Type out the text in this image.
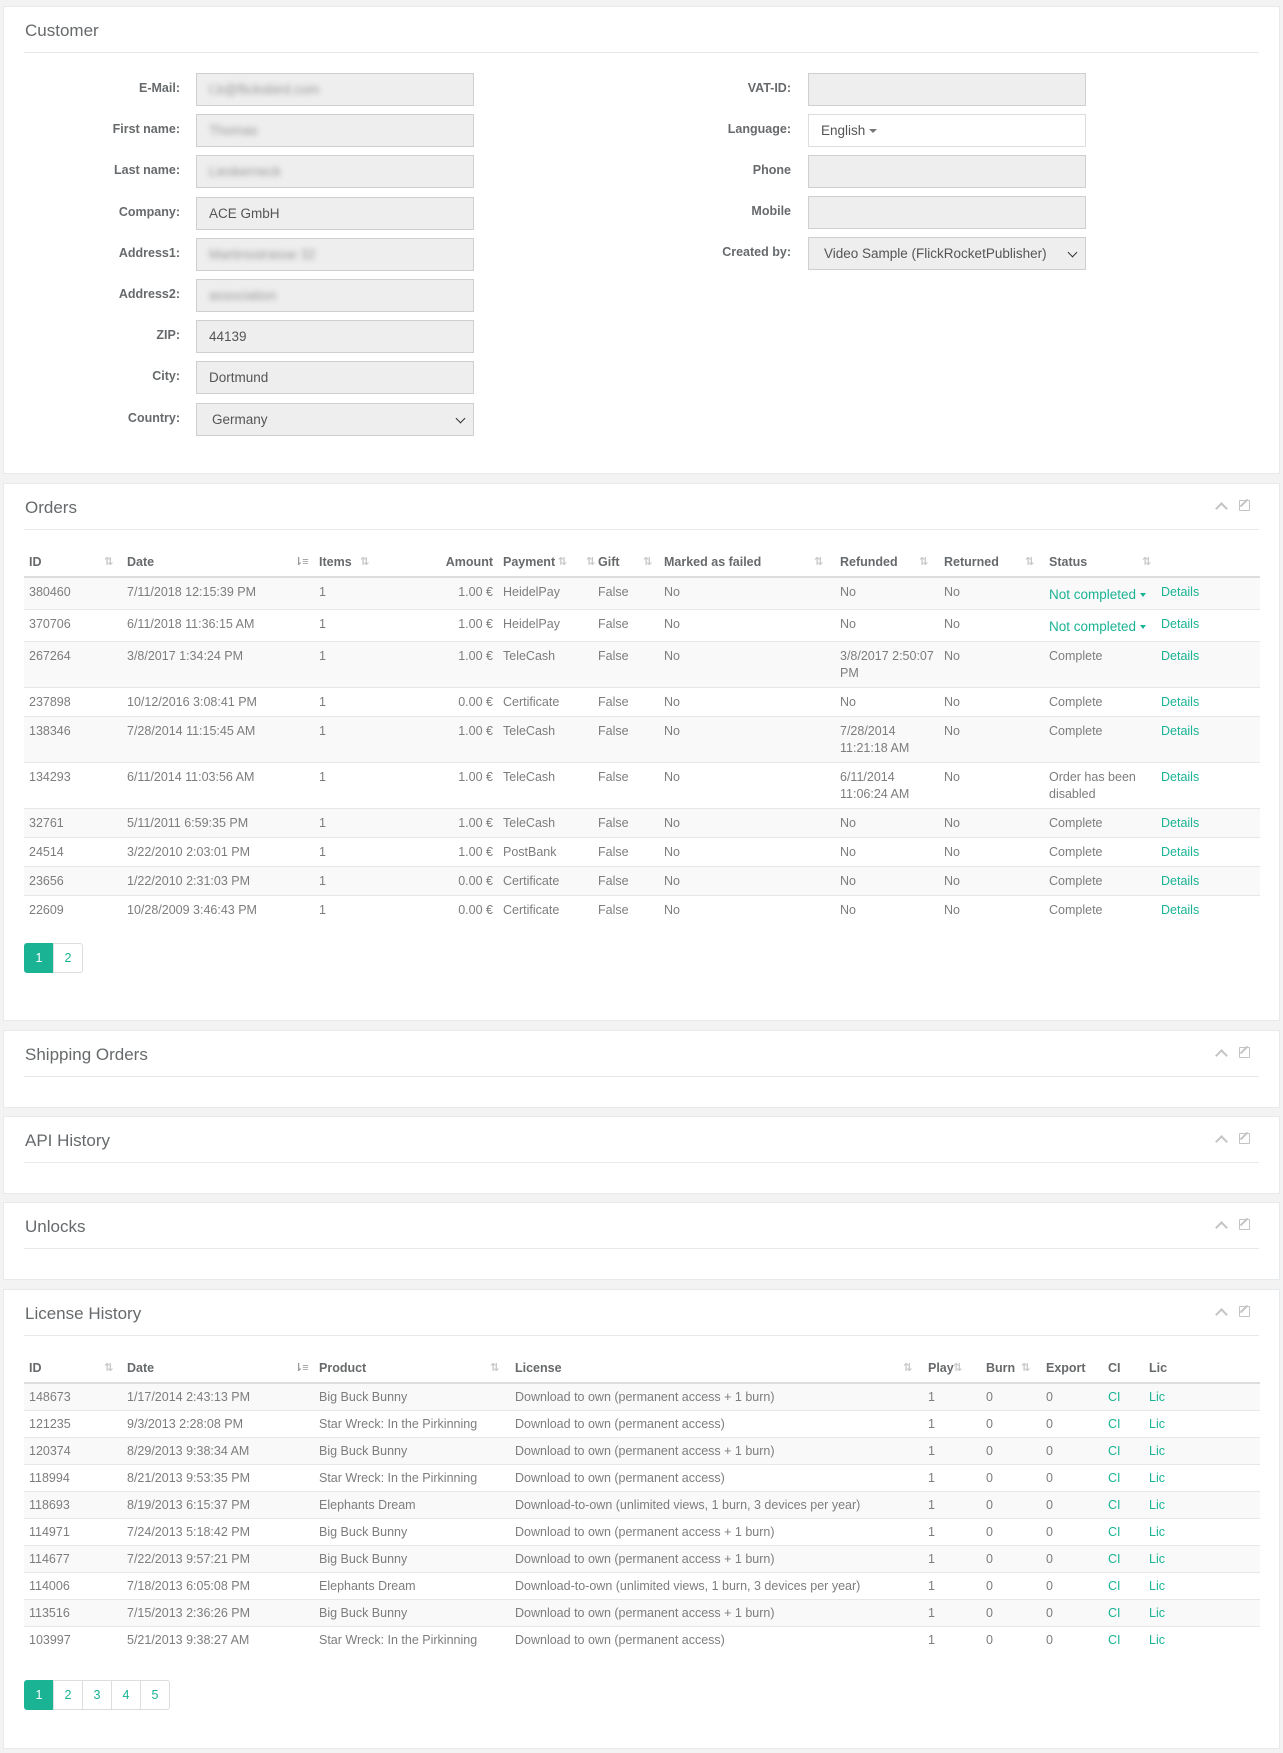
Customer
E-Mail:	t.b@flicksbird.com
First name:	Thomas
Last name:	Lieskerneck
Company:	ACE GmbH
Address1:	Martinsstrasse 32
Address2:	association
ZIP:	44139
City:	Dortmund
Country:	Germany
VAT-ID:
Language:	English
Phone
Mobile
Created by:	Video Sample (FlickRocketPublisher)
Orders
ID ⇅	Date ⇂≡	Items ⇅	Amount ⇅	Payment ⇅	Gift ⇅	Marked as failed ⇅	Refunded ⇅	Returned ⇅	Status ⇅	

380460	7/11/2018 12:15:39 PM	1	1.00 €	HeidelPay	False	No	No	No	Not completed	Details
370706	6/11/2018 11:36:15 AM	1	1.00 €	HeidelPay	False	No	No	No	Not completed	Details
267264	3/8/2017 1:34:24 PM	1	1.00 €	TeleCash	False	No	3/8/2017 2:50:07 PM	No	Complete	Details
237898	10/12/2016 3:08:41 PM	1	0.00 €	Certificate	False	No	No	No	Complete	Details
138346	7/28/2014 11:15:45 AM	1	1.00 €	TeleCash	False	No	7/28/2014 11:21:18 AM	No	Complete	Details
134293	6/11/2014 11:03:56 AM	1	1.00 €	TeleCash	False	No	6/11/2014 11:06:24 AM	No	Order has been disabled	Details
32761	5/11/2011 6:59:35 PM	1	1.00 €	TeleCash	False	No	No	No	Complete	Details
24514	3/22/2010 2:03:01 PM	1	1.00 €	PostBank	False	No	No	No	Complete	Details
23656	1/22/2010 2:31:03 PM	1	0.00 €	Certificate	False	No	No	No	Complete	Details
22609	10/28/2009 3:46:43 PM	1	0.00 €	Certificate	False	No	No	No	Complete	Details
1	2
Shipping Orders
API History
Unlocks
License History
ID ⇅	Date ⇂≡	Product ⇅	License ⇅	Play ⇅	Burn ⇅	Export	CI	Lic
148673	1/17/2014 2:43:13 PM	Big Buck Bunny	Download to own (permanent access + 1 burn)	1	0	0	CI	Lic
121235	9/3/2013 2:28:08 PM	Star Wreck: In the Pirkinning	Download to own (permanent access)	1	0	0	CI	Lic
120374	8/29/2013 9:38:34 AM	Big Buck Bunny	Download to own (permanent access + 1 burn)	1	0	0	CI	Lic
118994	8/21/2013 9:53:35 PM	Star Wreck: In the Pirkinning	Download to own (permanent access)	1	0	0	CI	Lic
118693	8/19/2013 6:15:37 PM	Elephants Dream	Download-to-own (unlimited views, 1 burn, 3 devices per year)	1	0	0	CI	Lic
114971	7/24/2013 5:18:42 PM	Big Buck Bunny	Download to own (permanent access + 1 burn)	1	0	0	CI	Lic
114677	7/22/2013 9:57:21 PM	Big Buck Bunny	Download to own (permanent access + 1 burn)	1	0	0	CI	Lic
114006	7/18/2013 6:05:08 PM	Elephants Dream	Download-to-own (unlimited views, 1 burn, 3 devices per year)	1	0	0	CI	Lic
113516	7/15/2013 2:36:26 PM	Big Buck Bunny	Download to own (permanent access + 1 burn)	1	0	0	CI	Lic
103997	5/21/2013 9:38:27 AM	Star Wreck: In the Pirkinning	Download to own (permanent access)	1	0	0	CI	Lic
1	2	3	4	5
